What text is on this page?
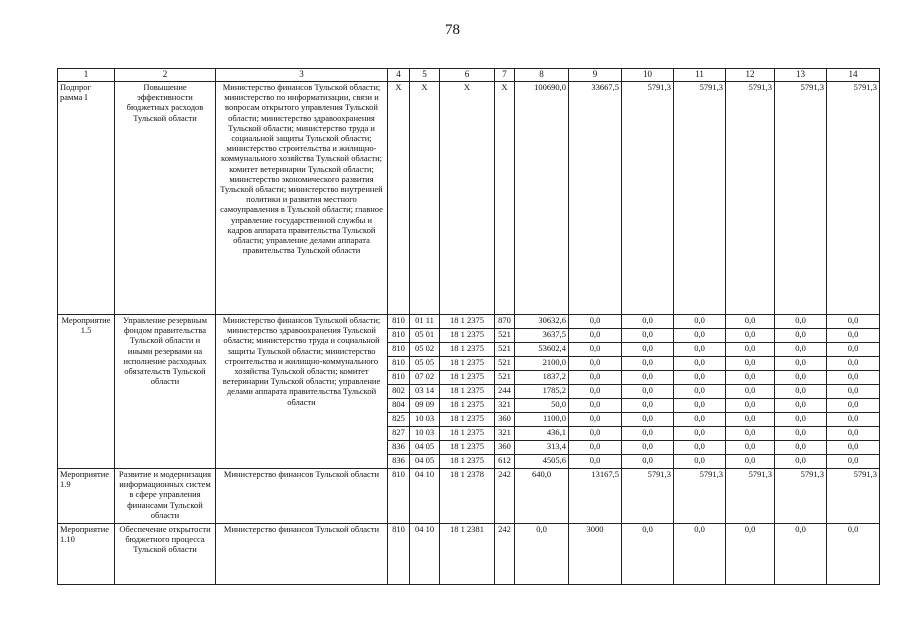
78
1	2	3	4	5	6	7	8	9	10	11	12	13	14
Подпрог рамма I	Повышение эффективности бюджетных расходов Тульской области	Министерство финансов Тульской области; министерство по информатизации, связи и вопросам открытого управления Тульской области; министерство здравоохранения Тульской области; министерство труда и социальной защиты Тульской области; министерство строительства и жилищно-коммунального хозяйства Тульской области; комитет ветеринарии Тульской области; министерство экономического развития Тульской области; министерство внутренней политики и развития местного самоуправления в Тульской области; главное управление государственной службы и кадров аппарата правительства Тульской области; управление делами аппарата правительства Тульской области	X	X	X	X	100690,0	33667,5	5791,3	5791,3	5791,3	5791,3	5791,3
Мероприятие 1.5	Управление резервным фондом правительства Тульской области и иными резервами на исполнение расходных обязательств Тульской области	Министерство финансов Тульской области; министерство здравоохранения Тульской области; министерство труда и социальной защиты Тульской области; министерство строительства и жилищно-коммунального хозяйства Тульской области; комитет ветеринарии Тульской области; управление делами аппарата правительства Тульской области	810	01 11	18 1 2375	870	30632,6	0,0	0,0	0,0	0,0	0,0	0,0
			810	05 01	18 1 2375	521	3637,5	0,0	0,0	0,0	0,0	0,0	0,0
			810	05 02	18 1 2375	521	53602,4	0,0	0,0	0,0	0,0	0,0	0,0
			810	05 05	18 1 2375	521	2100,0	0,0	0,0	0,0	0,0	0,0	0,0
			810	07 02	18 1 2375	521	1837,2	0,0	0,0	0,0	0,0	0,0	0,0
			802	03 14	18 1 2375	244	1785,2	0,0	0,0	0,0	0,0	0,0	0,0
			804	09 09	18 1 2375	321	50,0	0,0	0,0	0,0	0,0	0,0	0,0
			825	10 03	18 1 2375	360	1100,0	0,0	0,0	0,0	0,0	0,0	0,0
			827	10 03	18 1 2375	321	436,1	0,0	0,0	0,0	0,0	0,0	0,0
			836	04 05	18 1 2375	360	313,4	0,0	0,0	0,0	0,0	0,0	0,0
			836	04 05	18 1 2375	612	4505,6	0,0	0,0	0,0	0,0	0,0	0,0
Мероприятие 1.9	Развитие и модернизация информационных систем в сфере управления финансами Тульской области	Министерство финансов Тульской области	810	04 10	18 1 2378	242	640,0	13167,5	5791,3	5791,3	5791,3	5791,3	5791,3
Мероприятие 1.10	Обеспечение открытости бюджетного процесса Тульской области	Министерство финансов Тульской области	810	04 10	18 1 2381	242	0,0	3000	0,0	0,0	0,0	0,0	0,0
